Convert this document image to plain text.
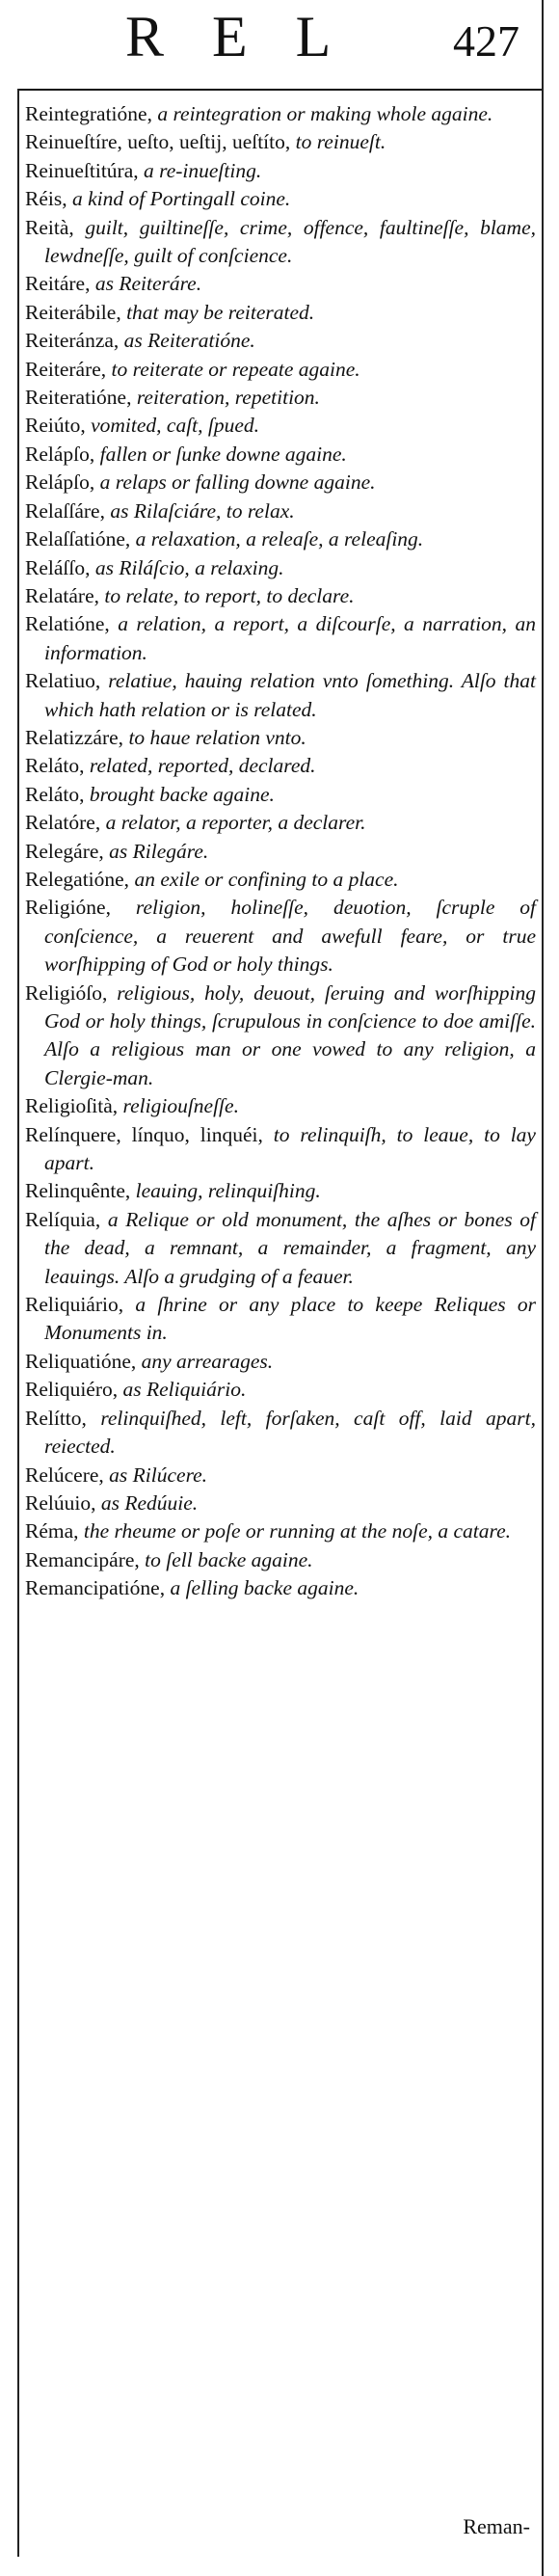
REL 427
Reintegratióne, a reintegration or making whole againe.
Reinueſtíre, ueſto, ueſtij, ueſtíto, to reinueſt.
Reinueſtitúra, a re-inueſting.
Réis, a kind of Portingall coine.
Reità, guilt, guiltineſſe, crime, offence, faultineſſe, blame, lewdneſſe, guilt of conſcience.
Reitáre, as Reiteráre.
Reiterábile, that may be reiterated.
Reiteránza, as Reiteratióne.
Reiteráre, to reiterate or repeate againe.
Reiteratióne, reiteration, repetition.
Reiúto, vomited, caſt, ſpued.
Relápſo, fallen or ſunke downe againe.
Relápſo, a relaps or falling downe againe.
Relaſſáre, as Rilaſciáre, to relax.
Relaſſatióne, a relaxation, a releaſe, a releaſing.
Reláſſo, as Riláſcio, a relaxing.
Relatáre, to relate, to report, to declare.
Relatióne, a relation, a report, a diſcourſe, a narration, an information.
Relatiuo, relatiue, hauing relation vnto ſomething. Alſo that which hath relation or is related.
Relatizzáre, to haue relation vnto.
Reláto, related, reported, declared.
Reláto, brought backe againe.
Relatóre, a relator, a reporter, a declarer.
Relegáre, as Rilegáre.
Relegatióne, an exile or confining to a place.
Religióne, religion, holineſſe, deuotion, ſcruple of conſcience, a reuerent and awefull feare, or true worſhipping of God or holy things.
Religióſo, religious, holy, deuout, ſeruing and worſhipping God or holy things, ſcrupulous in conſcience to doe amiſſe. Alſo a religious man or one vowed to any religion, a Clergie-man.
Religioſità, religiouſneſſe.
Relínquere, línquo, linquéi, to relinquiſh, to leaue, to lay apart.
Relinquênte, leauing, relinquiſhing.
Relíquia, a Relique or old monument, the aſhes or bones of the dead, a remnant, a remainder, a fragment, any leauings. Alſo a grudging of a feauer.
Reliquiário, a ſhrine or any place to keepe Reliques or Monuments in.
Reliquatióne, any arrearages.
Reliquiéro, as Reliquiário.
Relítto, relinquiſhed, left, forſaken, caſt off, laid apart, reiected.
Relúcere, as Rilúcere.
Relúuio, as Redúuie.
Réma, the rheume or poſe or running at the noſe, a catare.
Remancipáre, to ſell backe againe.
Remancipatióne, a ſelling backe againe.
Reman-
